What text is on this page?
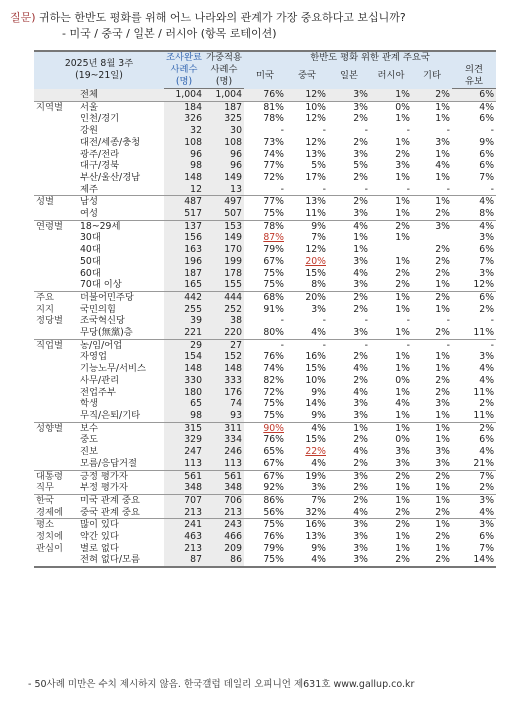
질문) 귀하는 한반도 평화를 위해 어느 나라와의 관계가 가장 중요하다고 보십니까?
- 미국 / 중국 / 일본 / 러시아 (항목 로테이션)
2025년 8월 3주
(19~21일)		조사완료	가중적용	한반도 평화 위한 관계 주요국					
		사례수	사례수	미국	중국	일본	러시아	기타	의견
		(명)	(명)						유보
	전체	1,004	1,004	76%	12%	3%	1%	2%	6%
지역별	서울	184	187	81%	10%	3%	0%	1%	4%
	인천/경기	326	325	78%	12%	2%	1%	1%	6%
	강원	32	30	-	-	-	-	-	-
	대전/세종/충청	108	108	73%	12%	2%	1%	3%	9%
	광주/전라	96	96	74%	13%	3%	2%	1%	6%
	대구/경북	98	96	77%	5%	5%	3%	4%	6%
	부산/울산/경남	148	149	72%	17%	2%	1%	1%	7%
	제주	12	13	-	-	-	-	-	-
성별	남성	487	497	77%	13%	2%	1%	1%	4%
	여성	517	507	75%	11%	3%	1%	2%	8%
연령별	18~29세	137	153	78%	9%	4%	2%	3%	4%
	30대	156	149	87%	7%	1%	1%		3%
	40대	163	170	79%	12%	1%		2%	6%
	50대	196	199	67%	20%	3%	1%	2%	7%
	60대	187	178	75%	15%	4%	2%	2%	3%
	70대 이상	165	155	75%	8%	3%	2%	1%	12%
주요	더불어민주당	442	444	68%	20%	2%	1%	2%	6%
지지	국민의힘	255	252	91%	3%	2%	1%	1%	2%
정당별	조국혁신당	39	38	-	-	-	-	-	-
	무당(無黨)층	221	220	80%	4%	3%	1%	2%	11%
직업별	농/임/어업	29	27	-	-	-	-	-	-
	자영업	154	152	76%	16%	2%	1%	1%	3%
	기능노무/서비스	148	148	74%	15%	4%	1%	1%	4%
	사무/관리	330	333	82%	10%	2%	0%	2%	4%
	전업주부	180	176	72%	9%	4%	1%	2%	11%
	학생	65	74	75%	14%	3%	4%	3%	2%
	무직/은퇴/기타	98	93	75%	9%	3%	1%	1%	11%
성향별	보수	315	311	90%	4%	1%	1%	1%	2%
	중도	329	334	76%	15%	2%	0%	1%	6%
	진보	247	246	65%	22%	4%	3%	3%	4%
	모름/응답거절	113	113	67%	4%	2%	3%	3%	21%
대통령	긍정 평가자	561	561	67%	19%	3%	2%	2%	7%
직무	부정 평가자	348	348	92%	3%	2%	1%	1%	2%
한국	미국 관계 중요	707	706	86%	7%	2%	1%	1%	3%
경제에	중국 관계 중요	213	213	56%	32%	4%	2%	2%	4%
평소	많이 있다	241	243	75%	16%	3%	2%	1%	3%
정치에	약간 있다	463	466	76%	13%	3%	1%	2%	6%
관심이	별로 없다	213	209	79%	9%	3%	1%	1%	7%
	전혀 없다/모름	87	86	75%	4%	3%	2%	2%	14%
- 50사례 미만은 수치 제시하지 않음. 한국갤럽 데일리 오피니언 제631호 www.gallup.co.kr
